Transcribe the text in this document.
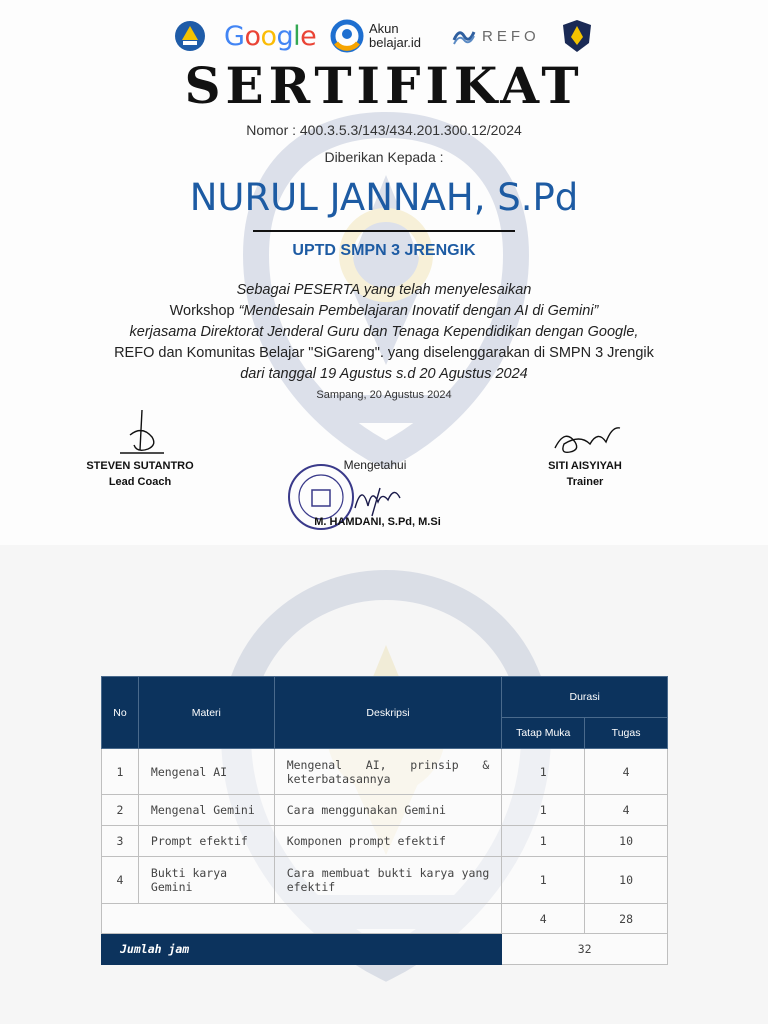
G o o g l e	Akun
belajar.id	REFO
SERTIFIKAT
Nomor : 400.3.5.3/143/434.201.300.12/2024
Diberikan Kepada :
NURUL JANNAH, S.Pd
UPTD SMPN 3 JRENGIK
Sebagai PESERTA yang telah menyelesaikan
Workshop “Mendesain Pembelajaran Inovatif dengan AI di Gemini”
kerjasama Direktorat Jenderal Guru dan Tenaga Kependidikan dengan Google,
REFO dan Komunitas Belajar "SiGareng". yang diselenggarakan di SMPN 3 Jrengik
dari tanggal 19 Agustus s.d 20 Agustus 2024
Sampang, 20 Agustus 2024
STEVEN SUTANTRO
Lead Coach
Mengetahui
M. HAMDANI, S.Pd, M.Si
SITI AISYIYAH
Trainer
No	Materi	Deskripsi	Durasi	
			Tatap Muka	Tugas
1	Mengenal AI	Mengenal AI, prinsip & keterbatasannya	1	4
2	Mengenal Gemini	Cara menggunakan Gemini	1	4
3	Prompt efektif	Komponen prompt efektif	1	10
4	Bukti karya Gemini	Cara membuat bukti karya yang efektif	1	10
			4	28
Jumlah jam			32	
